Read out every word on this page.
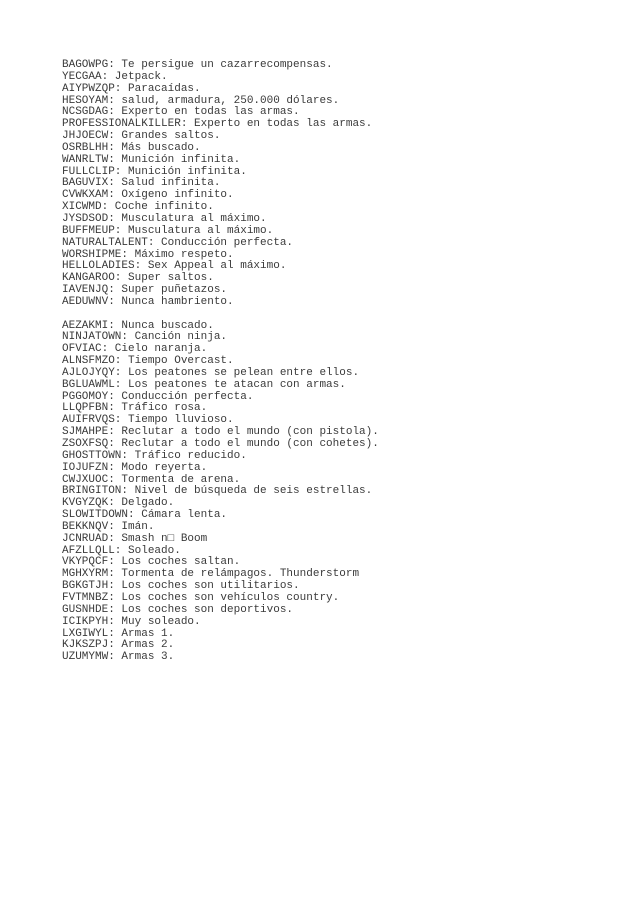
BAGOWPG: Te persigue un cazarrecompensas.
YECGAA: Jetpack.
AIYPWZQP: Paracaídas.
HESOYAM: salud, armadura, 250.000 dólares.
NCSGDAG: Experto en todas las armas.
PROFESSIONALKILLER: Experto en todas las armas.
JHJOECW: Grandes saltos.
OSRBLHH: Más buscado.
WANRLTW: Munición infinita.
FULLCLIP: Munición infinita.
BAGUVIX: Salud infinita.
CVWKXAM: Oxígeno infinito.
XICWMD: Coche infinito.
JYSDSOD: Musculatura al máximo.
BUFFMEUP: Musculatura al máximo.
NATURALTALENT: Conducción perfecta.
WORSHIPME: Máximo respeto.
HELLOLADIES: Sex Appeal al máximo.
KANGAROO: Super saltos.
IAVENJQ: Super puñetazos.
AEDUWNV: Nunca hambriento.
AEZAKMI: Nunca buscado.
NINJATOWN: Canción ninja.
OFVIAC: Cielo naranja.
ALNSFMZO: Tiempo Overcast.
AJLOJYQY: Los peatones se pelean entre ellos.
BGLUAWML: Los peatones te atacan con armas.
PGGOMOY: Conducción perfecta.
LLQPFBN: Tráfico rosa.
AUIFRVQS: Tiempo lluvioso.
SJMAHPE: Reclutar a todo el mundo (con pistola).
ZSOXFSQ: Reclutar a todo el mundo (con cohetes).
GHOSTTOWN: Tráfico reducido.
IOJUFZN: Modo reyerta.
CWJXUOC: Tormenta de arena.
BRINGITON: Nivel de búsqueda de seis estrellas.
KVGYZQK: Delgado.
SLOWITDOWN: Cámara lenta.
BEKKNQV: Imán.
JCNRUAD: Smash n□ Boom
AFZLLQLL: Soleado.
VKYPQCF: Los coches saltan.
MGHXYRM: Tormenta de relámpagos. Thunderstorm
BGKGTJH: Los coches son utilitarios.
FVTMNBZ: Los coches son vehículos country.
GUSNHDE: Los coches son deportivos.
ICIKPYH: Muy soleado.
LXGIWYL: Armas 1.
KJKSZPJ: Armas 2.
UZUMYMW: Armas 3.
